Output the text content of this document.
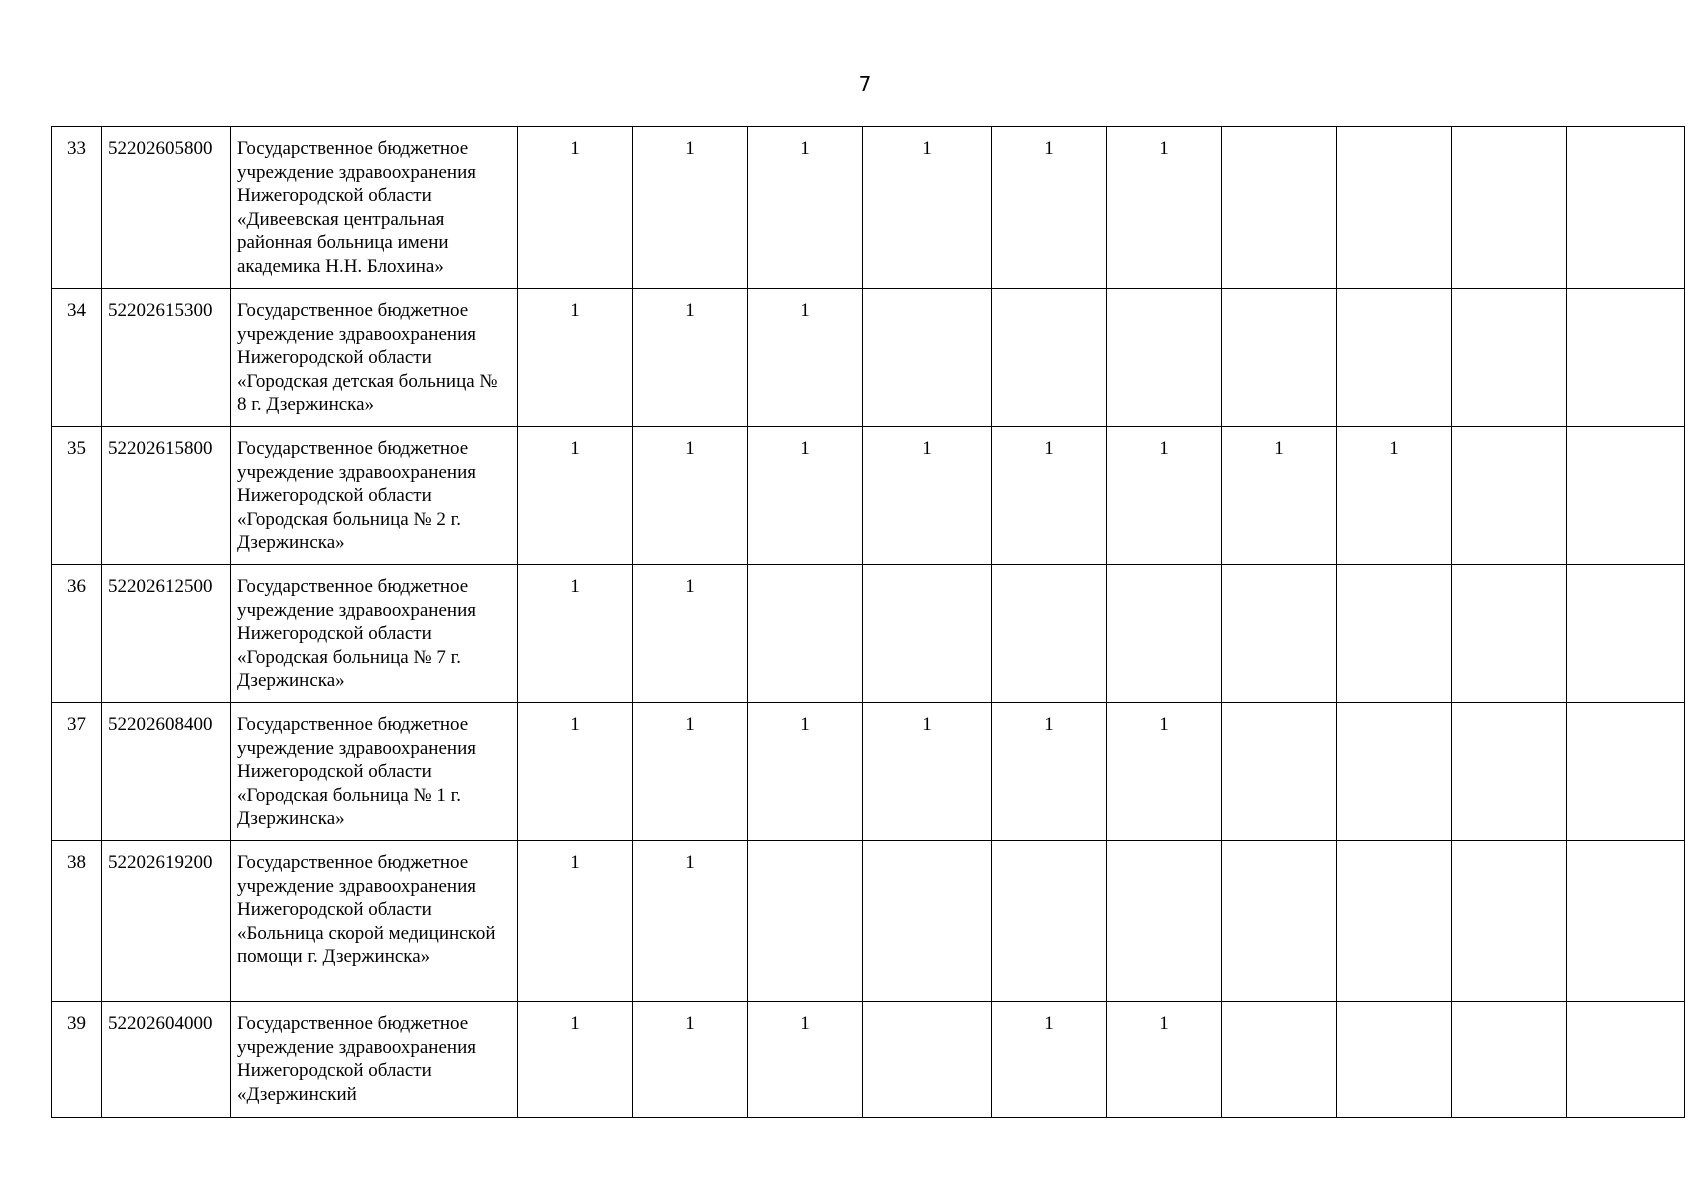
7
33	52202605800	Государственное бюджетное учреждение здравоохранения Нижегородской области «Дивеевская центральная районная больница имени академика Н.Н. Блохина»	1	1	1	1	1	1				
34	52202615300	Государственное бюджетное учреждение здравоохранения Нижегородской области «Городская детская больница № 8 г. Дзержинска»	1	1	1							
35	52202615800	Государственное бюджетное учреждение здравоохранения Нижегородской области «Городская больница № 2 г. Дзержинска»	1	1	1	1	1	1	1	1		
36	52202612500	Государственное бюджетное учреждение здравоохранения Нижегородской области «Городская больница № 7 г. Дзержинска»	1	1								
37	52202608400	Государственное бюджетное учреждение здравоохранения Нижегородской области «Городская больница № 1 г. Дзержинска»	1	1	1	1	1	1				
38	52202619200	Государственное бюджетное учреждение здравоохранения Нижегородской области «Больница скорой медицинской помощи г. Дзержинска»	1	1								
39	52202604000	Государственное бюджетное учреждение здравоохранения Нижегородской области «Дзержинский	1	1	1		1	1				
